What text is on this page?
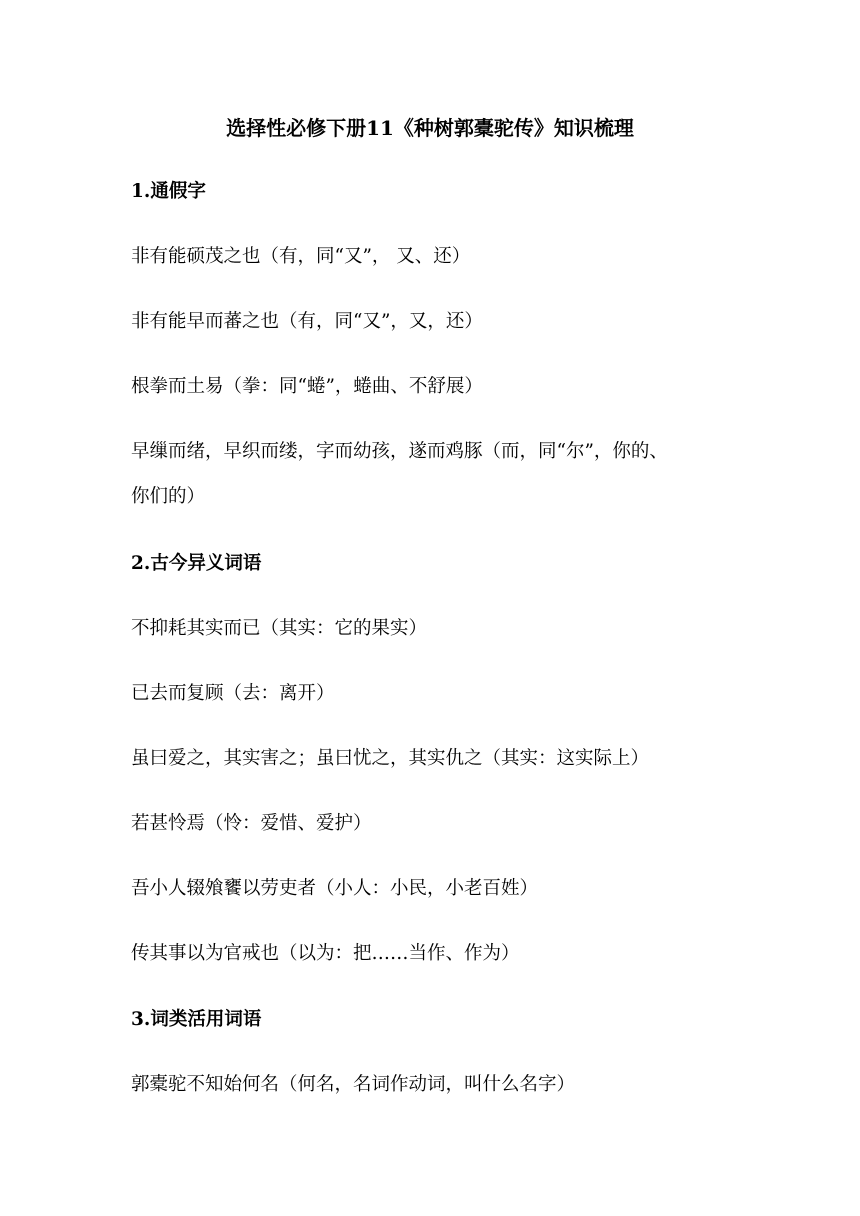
选择性必修下册11《种树郭橐驼传》知识梳理
1.通假字
非有能硕茂之也（有，同“又”， 又、还）
非有能早而蕃之也（有，同“又”，又，还）
根拳而土易（拳：同“蜷”，蜷曲、不舒展）
早缫而绪，早织而缕，字而幼孩，遂而鸡豚（而，同“尔”，你的、
你们的）
2.古今异义词语
不抑耗其实而已（其实：它的果实）
已去而复顾（去：离开）
虽曰爱之，其实害之；虽曰忧之，其实仇之（其实：这实际上）
若甚怜焉（怜：爱惜、爱护）
吾小人辍飧饔以劳吏者（小人：小民，小老百姓）
传其事以为官戒也（以为：把……当作、作为）
3.词类活用词语
郭橐驼不知始何名（何名，名词作动词，叫什么名字）
